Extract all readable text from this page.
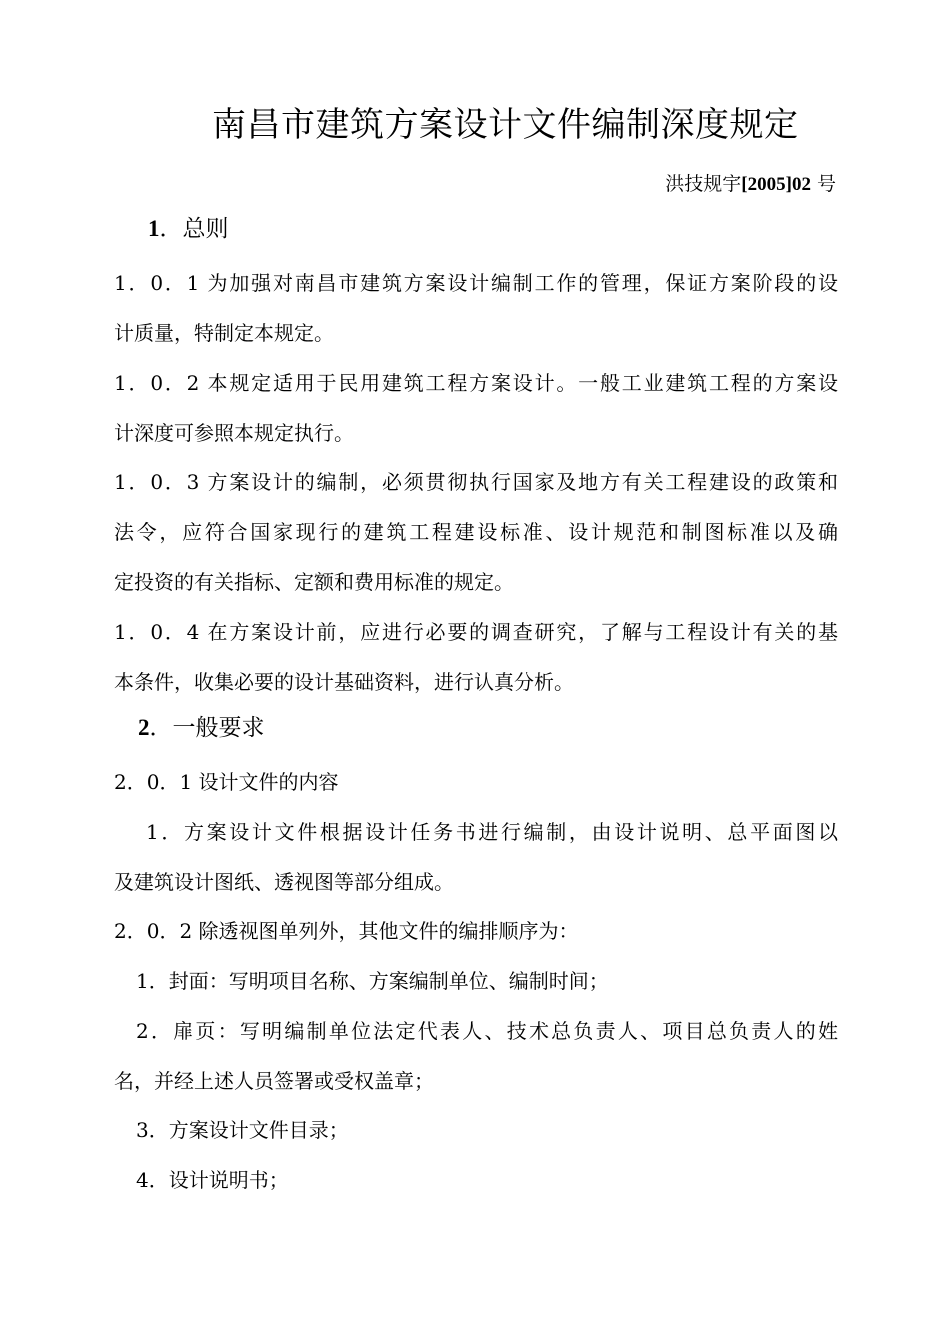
南昌市建筑方案设计文件编制深度规定
洪技规宇[2005]02 号
1．总则
1．0．1 为加强对南昌市建筑方案设计编制工作的管理，保证方案阶段的设
计质量，特制定本规定。
1．0．2 本规定适用于民用建筑工程方案设计。一般工业建筑工程的方案设
计深度可参照本规定执行。
1．0．3 方案设计的编制，必须贯彻执行国家及地方有关工程建设的政策和
法令，应符合国家现行的建筑工程建设标准、设计规范和制图标准以及确
定投资的有关指标、定额和费用标准的规定。
1．0．4 在方案设计前，应进行必要的调查研究，了解与工程设计有关的基
本条件，收集必要的设计基础资料，进行认真分析。
2．一般要求
2．0．1 设计文件的内容
1．方案设计文件根据设计任务书进行编制，由设计说明、总平面图以
及建筑设计图纸、透视图等部分组成。
2．0．2 除透视图单列外，其他文件的编排顺序为：
1．封面：写明项目名称、方案编制单位、编制时间；
2．扉页：写明编制单位法定代表人、技术总负责人、项目总负责人的姓
名，并经上述人员签署或受权盖章；
3．方案设计文件目录；
4．设计说明书；
